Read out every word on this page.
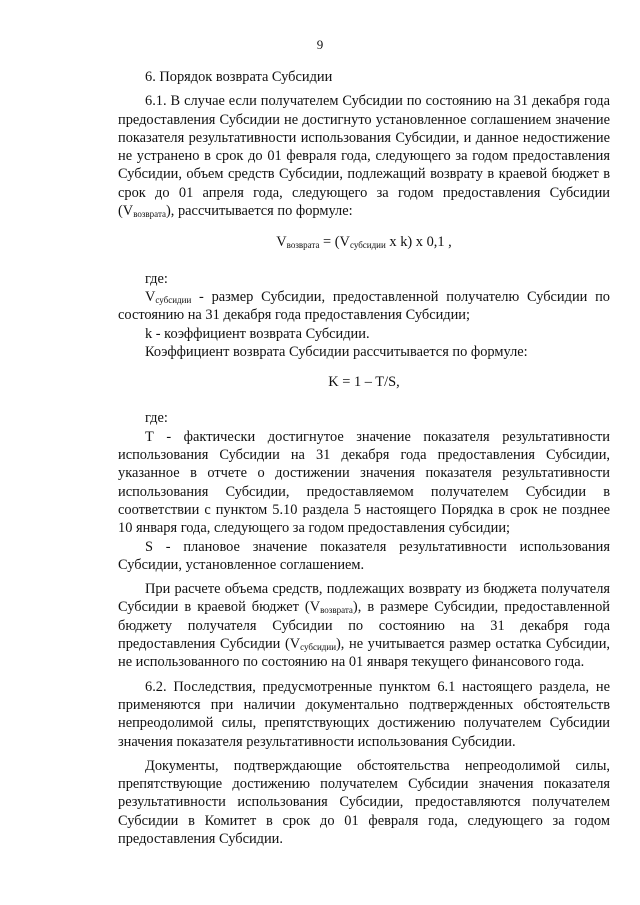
9

6. Порядок возврата Субсидии

6.1. В случае если получателем Субсидии по состоянию на 31 декабря года предоставления Субсидии не достигнуто установленное соглашением значение показателя результативности использования Субсидии, и данное недостижение не устранено в срок до 01 февраля года, следующего за годом предоставления Субсидии, объем средств Субсидии, подлежащий возврату в краевой бюджет в срок до 01 апреля года, следующего за годом предоставления Субсидии $(V_{возврата})$, рассчитывается по формуле:

$V_{возврата} = (V_{субсидии}$ x k) x 0,1 ,

где:

$V_{субсидии}$ - размер Субсидии, предоставленной получателю Субсидии по состоянию на 31 декабря года предоставления Субсидии;

k - коэффициент возврата Субсидии.

Коэффициент возврата Субсидии рассчитывается по формуле:

K = 1 – T/S,

где:

Т - фактически достигнутое значение показателя результативности использования Субсидии на 31 декабря года предоставления Субсидии, указанное в отчете о достижении значения показателя результативности использования Субсидии, предоставляемом получателем Субсидии в соответствии с пунктом 5.10 раздела 5 настоящего Порядка в срок не позднее 10 января года, следующего за годом предоставления субсидии;

S - плановое значение показателя результативности использования Субсидии, установленное соглашением.

При расчете объема средств, подлежащих возврату из бюджета получателя Субсидии в краевой бюджет $(V_{возврата})$, в размере Субсидии, предоставленной бюджету получателя Субсидии по состоянию на 31 декабря года предоставления Субсидии $(V_{субсидии})$, не учитывается размер остатка Субсидии, не использованного по состоянию на 01 января текущего финансового года.

6.2. Последствия, предусмотренные пунктом 6.1 настоящего раздела, не применяются при наличии документально подтвержденных обстоятельств непреодолимой силы, препятствующих достижению получателем Субсидии значения показателя результативности использования Субсидии.

Документы, подтверждающие обстоятельства непреодолимой силы, препятствующие достижению получателем Субсидии значения показателя результативности использования Субсидии, предоставляются получателем Субсидии в Комитет в срок до 01 февраля года, следующего за годом предоставления Субсидии.
